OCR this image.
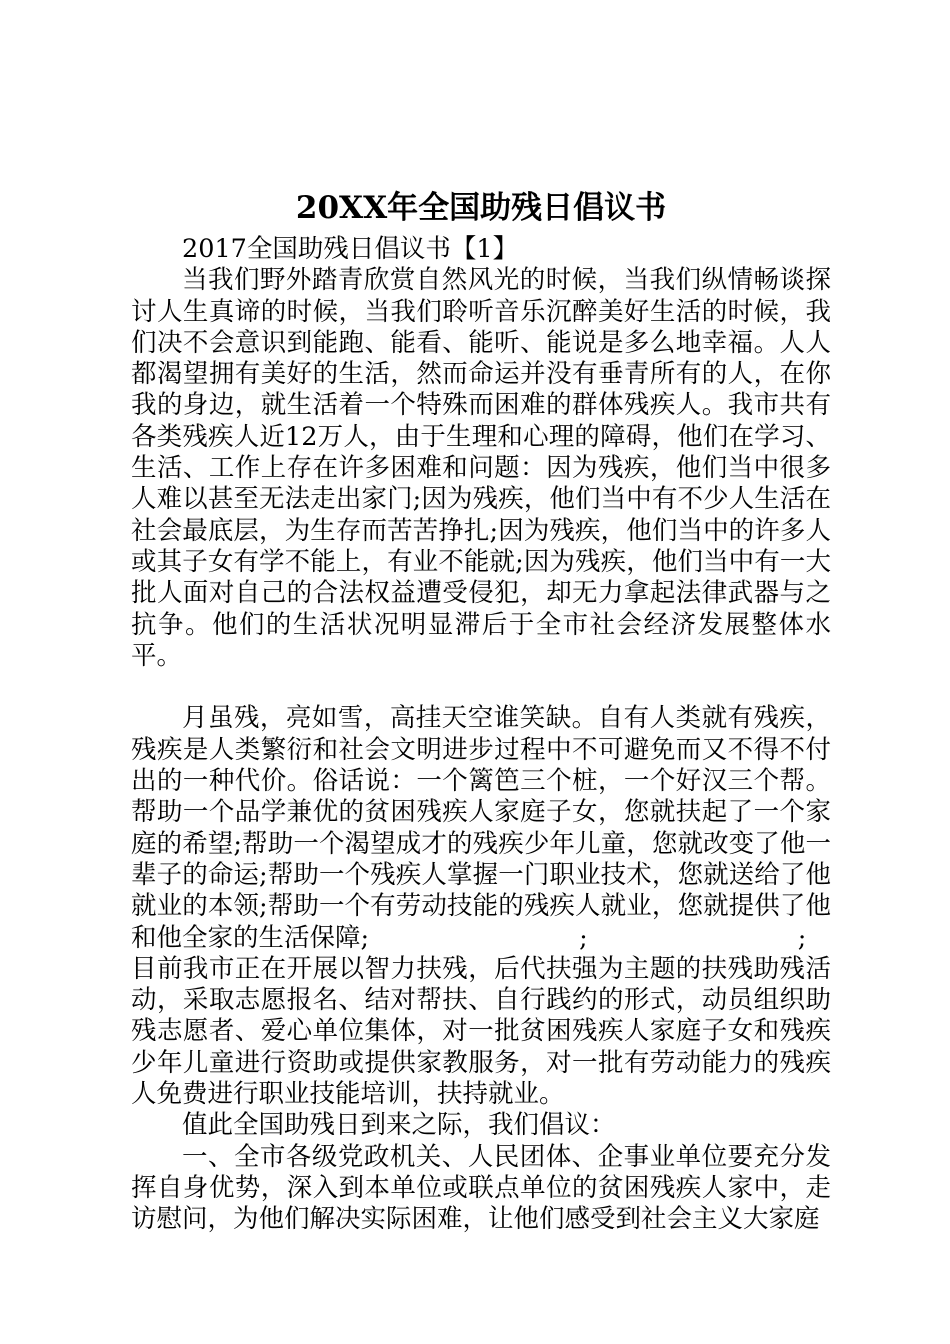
20XX年全国助残日倡议书

2017全国助残日倡议书【1】

当我们野外踏青欣赏自然风光的时候，当我们纵情畅谈探讨人生真谛的时候，当我们聆听音乐沉醉美好生活的时候，我们决不会意识到能跑、能看、能听、能说是多么地幸福。人人都渴望拥有美好的生活，然而命运并没有垂青所有的人，在你我的身边，就生活着一个特殊而困难的群体残疾人。我市共有各类残疾人近12万人，由于生理和心理的障碍，他们在学习、生活、工作上存在许多困难和问题：因为残疾，他们当中很多人难以甚至无法走出家门;因为残疾，他们当中有不少人生活在社会最底层，为生存而苦苦挣扎;因为残疾，他们当中的许多人或其子女有学不能上，有业不能就;因为残疾，他们当中有一大批人面对自己的合法权益遭受侵犯，却无力拿起法律武器与之抗争。他们的生活状况明显滞后于全市社会经济发展整体水平。

月虽残，亮如雪，高挂天空谁笑缺。自有人类就有残疾，残疾是人类繁衍和社会文明进步过程中不可避免而又不得不付出的一种代价。俗话说：一个篱笆三个桩，一个好汉三个帮。帮助一个品学兼优的贫困残疾人家庭子女，您就扶起了一个家庭的希望;帮助一个渴望成才的残疾少年儿童，您就改变了他一辈子的命运;帮助一个残疾人掌握一门职业技术，您就送给了他就业的本领;帮助一个有劳动技能的残疾人就业，您就提供了他和他全家的生活保障;	;	;

目前我市正在开展以智力扶残，后代扶强为主题的扶残助残活动，采取志愿报名、结对帮扶、自行践约的形式，动员组织助残志愿者、爱心单位集体，对一批贫困残疾人家庭子女和残疾少年儿童进行资助或提供家教服务，对一批有劳动能力的残疾人免费进行职业技能培训，扶持就业。

值此全国助残日到来之际，我们倡议：

一、全市各级党政机关、人民团体、企事业单位要充分发挥自身优势，深入到本单位或联点单位的贫困残疾人家中，走访慰问，为他们解决实际困难，让他们感受到社会主义大家庭
